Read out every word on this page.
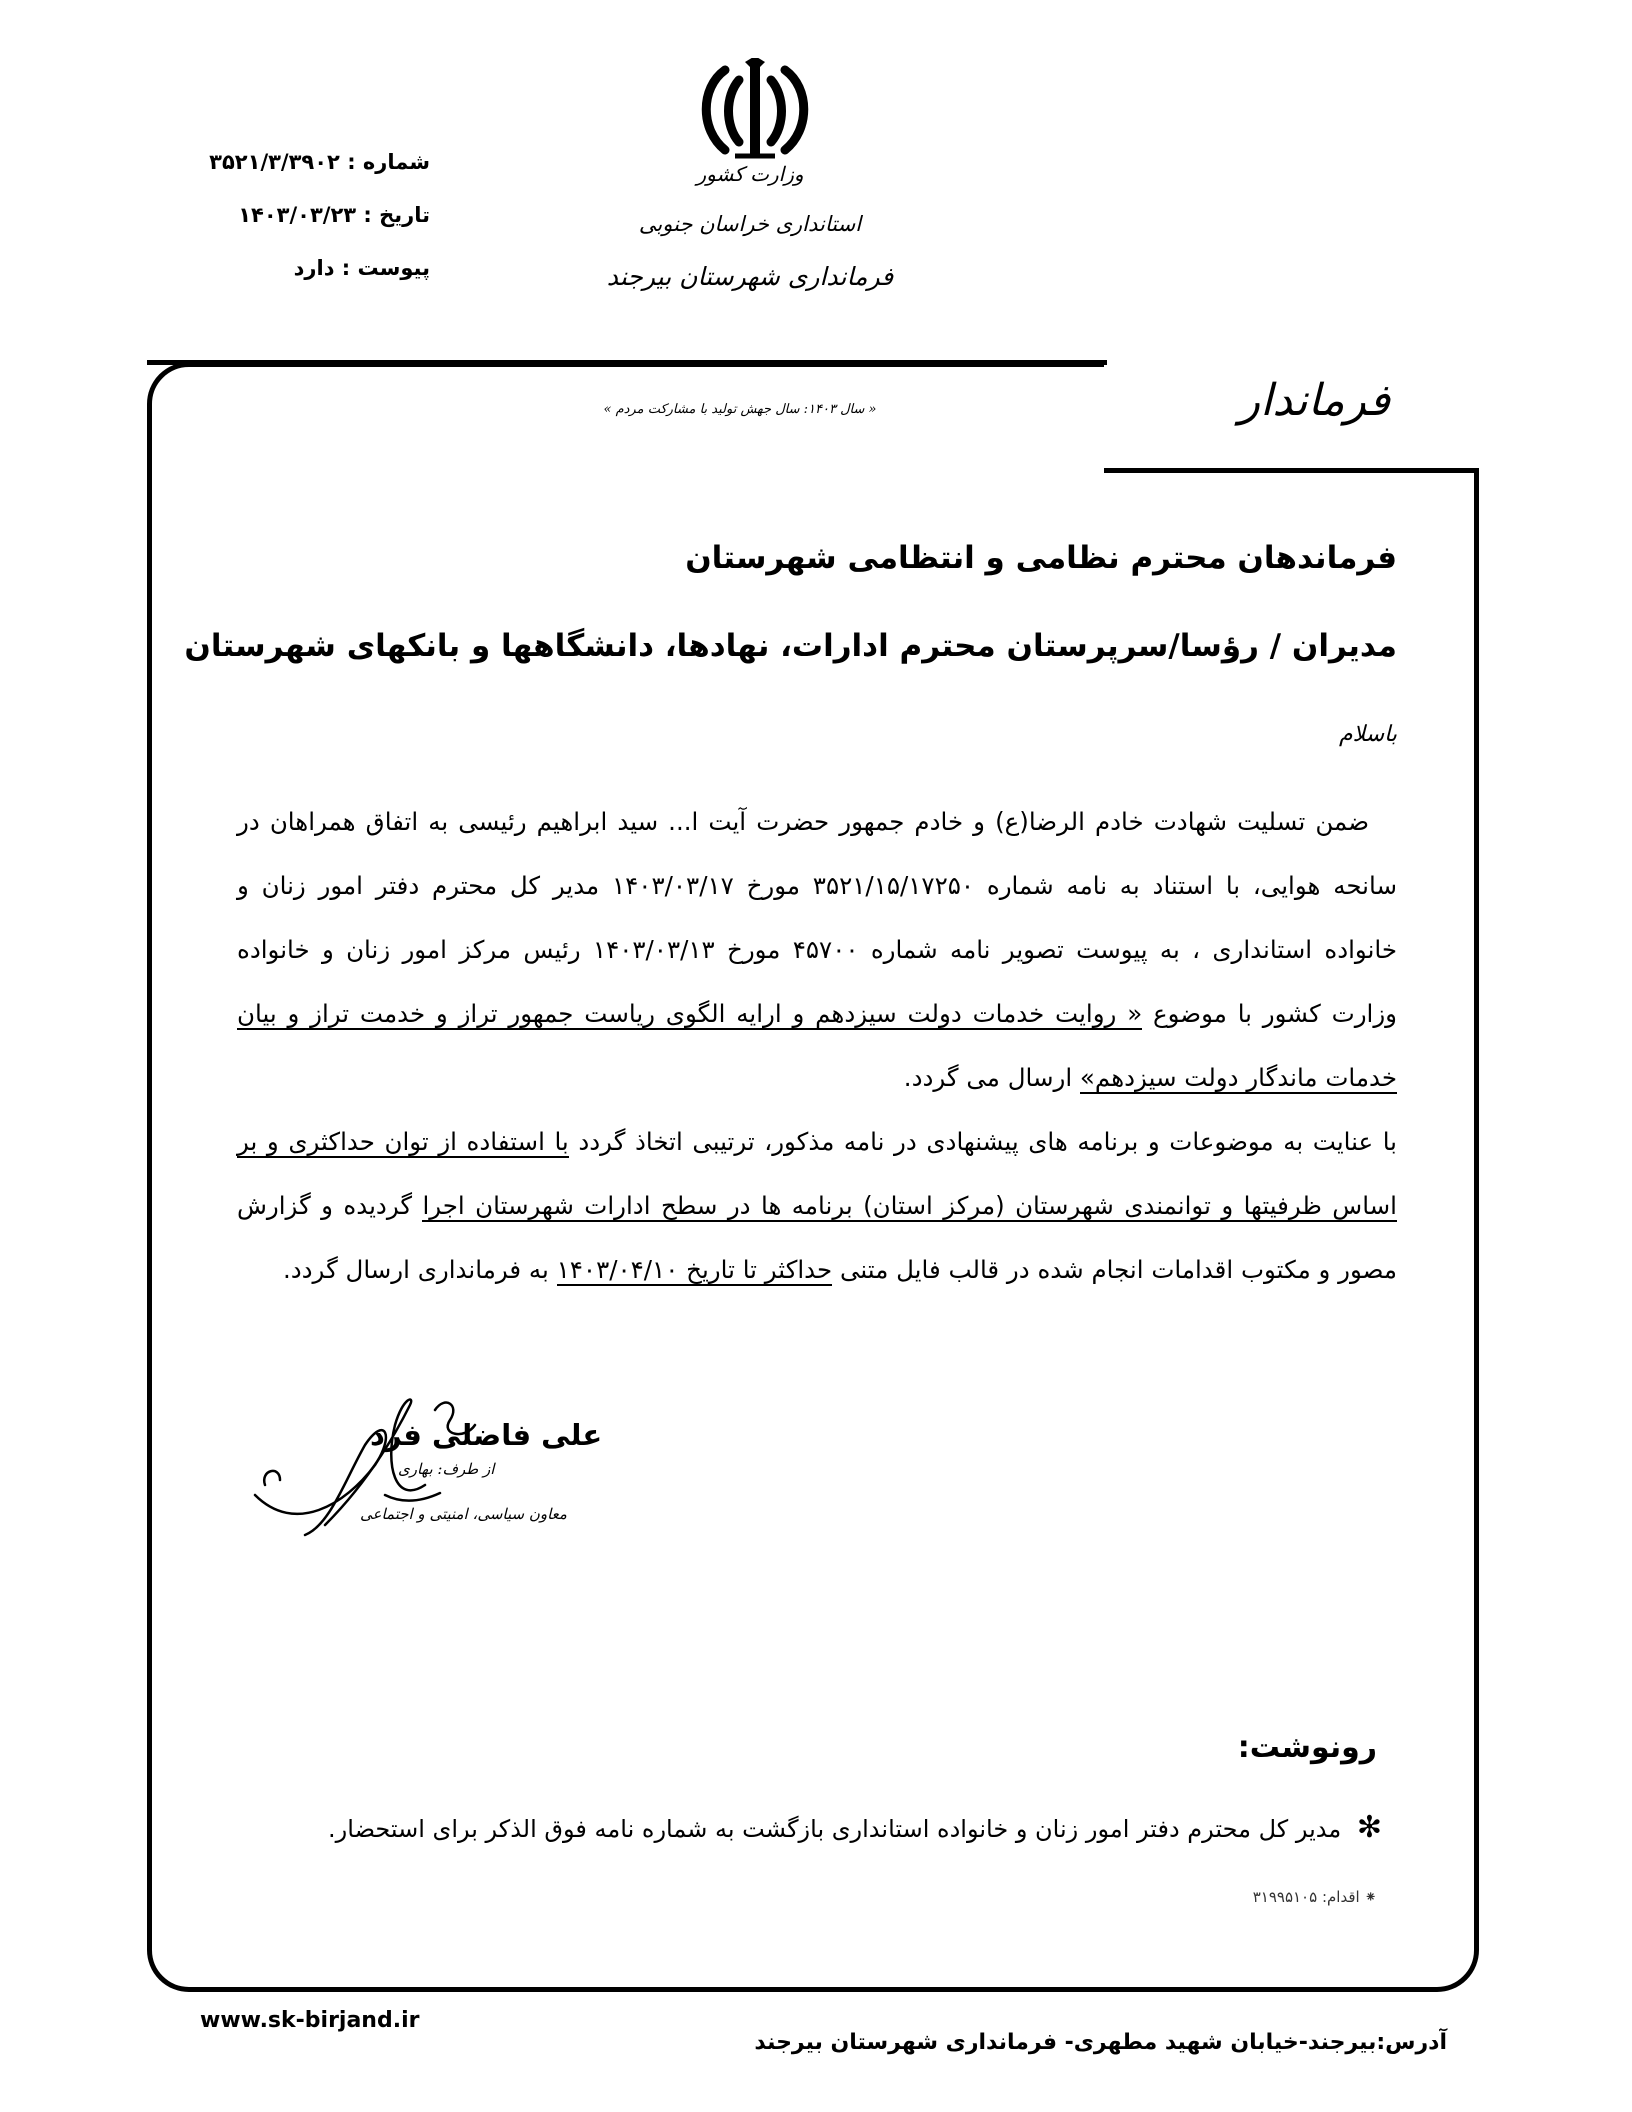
شماره : ۳۵۲۱/۳/۳۹۰۲
تاریخ : ۱۴۰۳/۰۳/۲۳
پیوست : دارد
وزارت کشور
استانداری خراسان جنوبی
فرمانداری شهرستان بیرجند
فرماندار
« سال ۱۴۰۳: سال جهش تولید با مشارکت مردم »
فرماندهان محترم نظامی و انتظامی شهرستان
مدیران / رؤسا/سرپرستان محترم ادارات، نهادها، دانشگاهها و بانکهای شهرستان
باسلام

ضمن تسلیت شهادت خادم الرضا(ع) و خادم جمهور حضرت آیت ا... سید ابراهیم رئیسی به اتفاق همراهان در سانحه هوایی، با استناد به نامه شماره ۳۵۲۱/۱۵/۱۷۲۵۰ مورخ ۱۴۰۳/۰۳/۱۷ مدیر کل محترم دفتر امور زنان و خانواده استانداری ، به پیوست تصویر نامه شماره ۴۵۷۰۰ مورخ ۱۴۰۳/۰۳/۱۳ رئیس مرکز امور زنان و خانواده وزارت کشور با موضوع « روایت خدمات دولت سیزدهم و ارایه الگوی ریاست جمهور تراز و خدمت تراز و بیان خدمات ماندگار دولت سیزدهم» ارسال می گردد.

با عنایت به موضوعات و برنامه های پیشنهادی در نامه مذکور، ترتیبی اتخاذ گردد با استفاده از توان حداکثری و بر اساس ظرفیتها و توانمندی شهرستان (مرکز استان) برنامه ها در سطح ادارات شهرستان اجرا گردیده و گزارش مصور و مکتوب اقدامات انجام شده در قالب فایل متنی حداکثر تا تاریخ ۱۴۰۳/۰۴/۱۰ به فرمانداری ارسال گردد.

علی فاضلی فرد
از طرف: بهاری
معاون سیاسی، امنیتی و اجتماعی
رونوشت:
✻ مدیر کل محترم دفتر امور زنان و خانواده استانداری بازگشت به شماره نامه فوق الذکر برای استحضار.
⁕ اقدام: ۳۱۹۹۵۱۰۵
www.sk-birjand.ir
آدرس:بیرجند-خیابان شهید مطهری- فرمانداری شهرستان بیرجند
